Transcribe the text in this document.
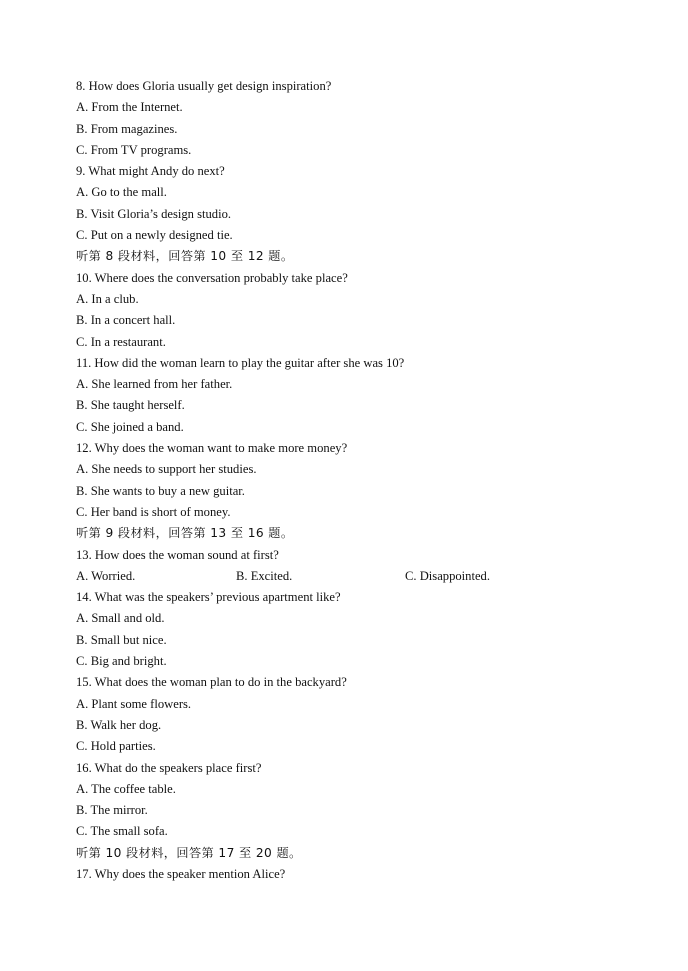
8. How does Gloria usually get design inspiration?
A. From the Internet.
B. From magazines.
C. From TV programs.
9. What might Andy do next?
A. Go to the mall.
B. Visit Gloria’s design studio.
C. Put on a newly designed tie.
听第 8 段材料，回答第 10 至 12 题。
10. Where does the conversation probably take place?
A. In a club.
B. In a concert hall.
C. In a restaurant.
11. How did the woman learn to play the guitar after she was 10?
A. She learned from her father.
B. She taught herself.
C. She joined a band.
12. Why does the woman want to make more money?
A. She needs to support her studies.
B. She wants to buy a new guitar.
C. Her band is short of money.
听第 9 段材料，回答第 13 至 16 题。
13. How does the woman sound at first?
A. Worried.	B. Excited.	C. Disappointed.
14. What was the speakers’ previous apartment like?
A. Small and old.
B. Small but nice.
C. Big and bright.
15. What does the woman plan to do in the backyard?
A. Plant some flowers.
B. Walk her dog.
C. Hold parties.
16. What do the speakers place first?
A. The coffee table.
B. The mirror.
C. The small sofa.
听第 10 段材料，回答第 17 至 20 题。
17. Why does the speaker mention Alice?
